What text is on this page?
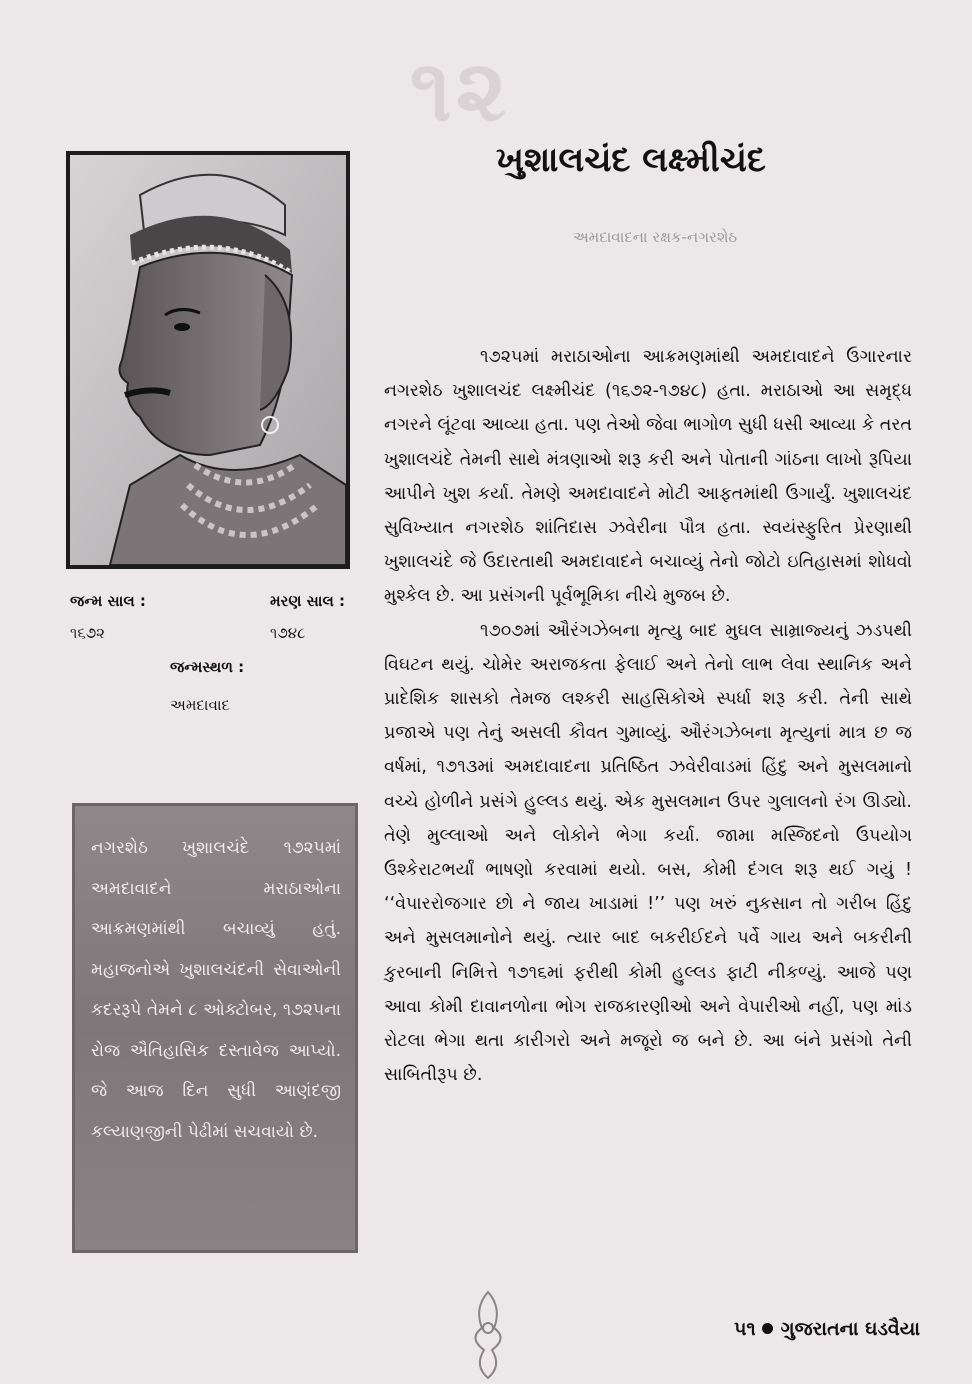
૧૨
ખુશાલચંદ લક્ષ્મીચંદ
અમદાવાદના રક્ષક-નગરશેઠ
જન્મ સાલ :	મરણ સાલ :
૧૬૭૨	૧૭૪૮
જન્મસ્થળ :
અમદાવાદ
નગરશેઠ ખુશાલચંદે ૧૭૨૫માં અમદાવાદને મરાઠાઓના આક્રમણમાંથી બચાવ્યું હતું. મહાજનોએ ખુશાલચંદની સેવાઓની કદરરૂપે તેમને ૮ ઓક્ટોબર, ૧૭૨૫ના રોજ ઐતિહાસિક દસ્તાવેજ આપ્યો. જે આજ દિન સુધી આણંદજી કલ્યાણજીની પેઢીમાં સચવાયો છે.

૧૭૨૫માં મરાઠાઓના આક્રમણમાંથી અમદાવાદને ઉગારનાર નગરશેઠ ખુશાલચંદ લક્ષ્મીચંદ (૧૬૭૨-૧૭૪૮) હતા. મરાઠાઓ આ સમૃદ્ધ નગરને લૂંટવા આવ્યા હતા. પણ તેઓ જેવા ભાગોળ સુધી ધસી આવ્યા કે તરત ખુશાલચંદે તેમની સાથે મંત્રણાઓ શરૂ કરી અને પોતાની ગાંઠના લાખો રૂપિયા આપીને ખુશ કર્યા. તેમણે અમદાવાદને મોટી આફતમાંથી ઉગાર્યું. ખુશાલચંદ સુવિખ્યાત નગરશેઠ શાંતિદાસ ઝવેરીના પૌત્ર હતા. સ્વયંસ્ફુરિત પ્રેરણાથી ખુશાલચંદે જે ઉદારતાથી અમદાવાદને બચાવ્યું તેનો જોટો ઇતિહાસમાં શોધવો મુશ્કેલ છે. આ પ્રસંગની પૂર્વભૂમિકા નીચે મુજબ છે.

૧૭૦૭માં ઔરંગઝેબના મૃત્યુ બાદ મુઘલ સામ્રાજ્યનું ઝડપથી વિઘટન થયું. ચોમેર અરાજકતા ફેલાઈ અને તેનો લાભ લેવા સ્થાનિક અને પ્રાદેશિક શાસકો તેમજ લશ્કરી સાહસિકોએ સ્પર્ધા શરૂ કરી. તેની સાથે પ્રજાએ પણ તેનું અસલી કૌવત ગુમાવ્યું. ઔરંગઝેબના મૃત્યુનાં માત્ર છ જ વર્ષમાં, ૧૭૧૩માં અમદાવાદના પ્રતિષ્ઠિત ઝવેરીવાડમાં હિંદુ અને મુસલમાનો વચ્ચે હોળીને પ્રસંગે હુલ્લડ થયું. એક મુસલમાન ઉપર ગુલાલનો રંગ ઊડ્યો. તેણે મુલ્લાઓ અને લોકોને ભેગા કર્યા. જામા મસ્જિદનો ઉપયોગ ઉશ્કેરાટભર્યાં ભાષણો કરવામાં થયો. બસ, કોમી દંગલ શરૂ થઈ ગયું ! ‘‘વેપારરોજગાર છો ને જાય ખાડામાં !’’ પણ ખરું નુકસાન તો ગરીબ હિંદુ અને મુસલમાનોને થયું. ત્યાર બાદ બકરીઈદને પર્વે ગાય અને બકરીની કુરબાની નિમિત્તે ૧૭૧૬માં ફરીથી કોમી હુલ્લડ ફાટી નીકળ્યું. આજે પણ આવા કોમી દાવાનળોના ભોગ રાજકારણીઓ અને વેપારીઓ નહીં, પણ માંડ રોટલા ભેગા થતા કારીગરો અને મજૂરો જ બને છે. આ બંને પ્રસંગો તેની સાબિતીરૂપ છે.

૫૧ ગુજરાતના ઘડવૈયા
